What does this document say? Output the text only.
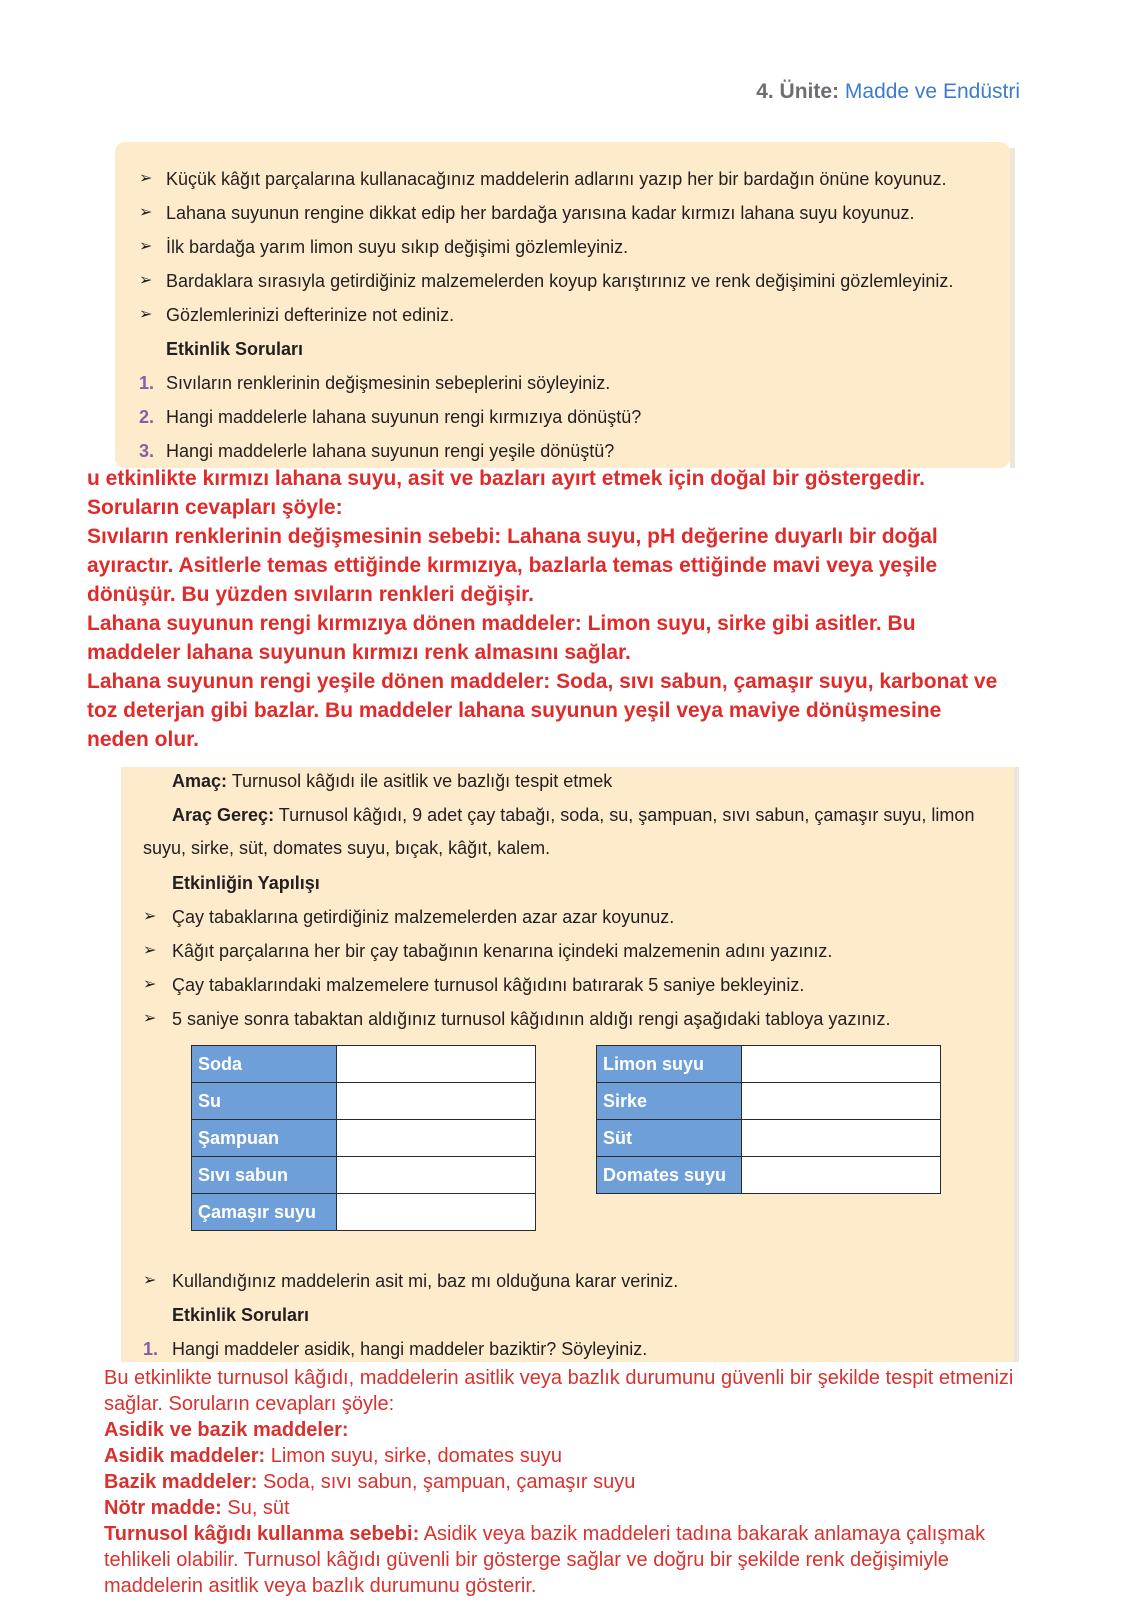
4. Ünite: Madde ve Endüstri
➢ Küçük kâğıt parçalarına kullanacağınız maddelerin adlarını yazıp her bir bardağın önüne koyunuz.
➢ Lahana suyunun rengine dikkat edip her bardağa yarısına kadar kırmızı lahana suyu koyunuz.
➢ İlk bardağa yarım limon suyu sıkıp değişimi gözlemleyiniz.
➢ Bardaklara sırasıyla getirdiğiniz malzemelerden koyup karıştırınız ve renk değişimini gözlemleyiniz.
➢ Gözlemlerinizi defterinize not ediniz.
Etkinlik Soruları
1. Sıvıların renklerinin değişmesinin sebeplerini söyleyiniz.
2. Hangi maddelerle lahana suyunun rengi kırmızıya dönüştü?
3. Hangi maddelerle lahana suyunun rengi yeşile dönüştü?
u etkinlikte kırmızı lahana suyu, asit ve bazları ayırt etmek için doğal bir göstergedir.
Soruların cevapları şöyle:
Sıvıların renklerinin değişmesinin sebebi: Lahana suyu, pH değerine duyarlı bir doğal
ayıractır. Asitlerle temas ettiğinde kırmızıya, bazlarla temas ettiğinde mavi veya yeşile
dönüşür. Bu yüzden sıvıların renkleri değişir.
Lahana suyunun rengi kırmızıya dönen maddeler: Limon suyu, sirke gibi asitler. Bu
maddeler lahana suyunun kırmızı renk almasını sağlar.
Lahana suyunun rengi yeşile dönen maddeler: Soda, sıvı sabun, çamaşır suyu, karbonat ve
toz deterjan gibi bazlar. Bu maddeler lahana suyunun yeşil veya maviye dönüşmesine
neden olur.
Amaç: Turnusol kâğıdı ile asitlik ve bazlığı tespit etmek
Araç Gereç: Turnusol kâğıdı, 9 adet çay tabağı, soda, su, şampuan, sıvı sabun, çamaşır suyu, limon
suyu, sirke, süt, domates suyu, bıçak, kâğıt, kalem.
Etkinliğin Yapılışı
➢ Çay tabaklarına getirdiğiniz malzemelerden azar azar koyunuz.
➢ Kâğıt parçalarına her bir çay tabağının kenarına içindeki malzemenin adını yazınız.
➢ Çay tabaklarındaki malzemelere turnusol kâğıdını batırarak 5 saniye bekleyiniz.
➢ 5 saniye sonra tabaktan aldığınız turnusol kâğıdının aldığı rengi aşağıdaki tabloya yazınız.
Soda	
Su	
Şampuan	
Sıvı sabun	
Çamaşır suyu	
Limon suyu	
Sirke	
Süt	
Domates suyu	
➢ Kullandığınız maddelerin asit mi, baz mı olduğuna karar veriniz.
Etkinlik Soruları
1. Hangi maddeler asidik, hangi maddeler baziktir? Söyleyiniz.
Bu etkinlikte turnusol kâğıdı, maddelerin asitlik veya bazlık durumunu güvenli bir şekilde tespit etmenizi
sağlar. Soruların cevapları şöyle:
Asidik ve bazik maddeler:
Asidik maddeler: Limon suyu, sirke, domates suyu
Bazik maddeler: Soda, sıvı sabun, şampuan, çamaşır suyu
Nötr madde: Su, süt
Turnusol kâğıdı kullanma sebebi: Asidik veya bazik maddeleri tadına bakarak anlamaya çalışmak
tehlikeli olabilir. Turnusol kâğıdı güvenli bir gösterge sağlar ve doğru bir şekilde renk değişimiyle
maddelerin asitlik veya bazlık durumunu gösterir.
